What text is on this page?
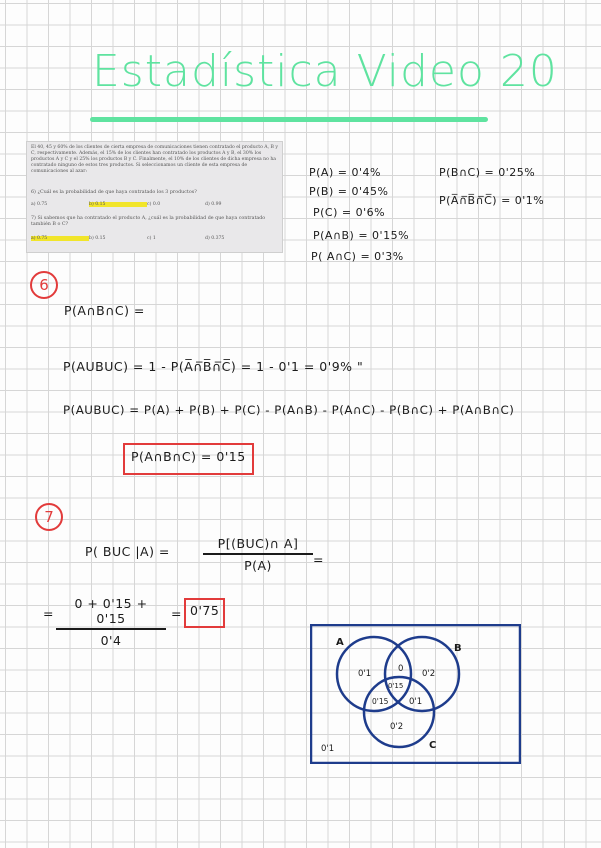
Estadística Video 20
El 40, 45 y 60% de los clientes de cierta empresa de comunicaciones tienen contratado el producto A, B y C, respectivamente. Además, el 15% de los clientes han contratado los productos A y B, el 30% los productos A y C y el 25% los productos B y C. Finalmente, el 10% de los clientes de dicha empresa no ha contratado ninguno de estos tres productos. Si seleccionamos un cliente de esta empresa de comunicaciones al azar:
6) ¿Cuál es la probabilidad de que haya contratado los 3 productos?
a) 0.75	b) 0.15	c) 0.0	d) 0.99
7) Si sabemos que ha contratado el producto A, ¿cuál es la probabilidad de que haya contratado también B o C?
a) 0.75	b) 0.15	c) 1	d) 0.375
P(A) = 0'4%
P(B) = 0'45%
P(C) = 0'6%
P(A∩B) = 0'15%
P( A∩C) = 0'3%
P(B∩C) = 0'25%
P(A̅∩̅B̅∩̅C̅) = 0'1%
6
P(A∩B∩C) =
P(AUBUC) = 1 - P(A̅∩̅B̅∩̅C̅) = 1 - 0'1 = 0'9% "
P(AUBUC) = P(A) + P(B) + P(C) - P(A∩B) - P(A∩C) - P(B∩C) + P(A∩B∩C)
P(A∩B∩C) = 0'15
7
P( BUC |A) =
P[(BUC)∩ A]
P(A)	=
=
0 + 0'15 + 0'15
0'4
= 0'75
A
B
C
0'1	0 0'2
0'15
0'15 0'1
0'2
0'1
